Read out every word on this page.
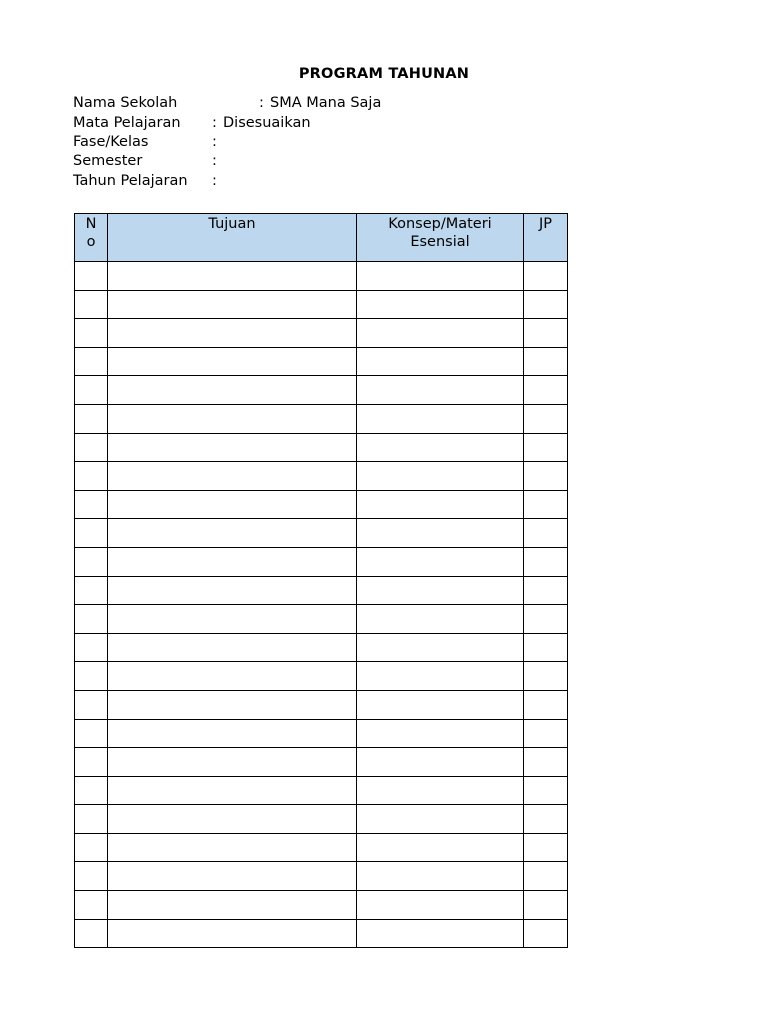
PROGRAM TAHUNAN
Nama Sekolah	: SMA Mana Saja
Mata Pelajaran : Disesuaikan
Fase/Kelas	:
Semester	:
Tahun Pelajaran :
No	Tujuan	Konsep/Materi Esensial	JP
